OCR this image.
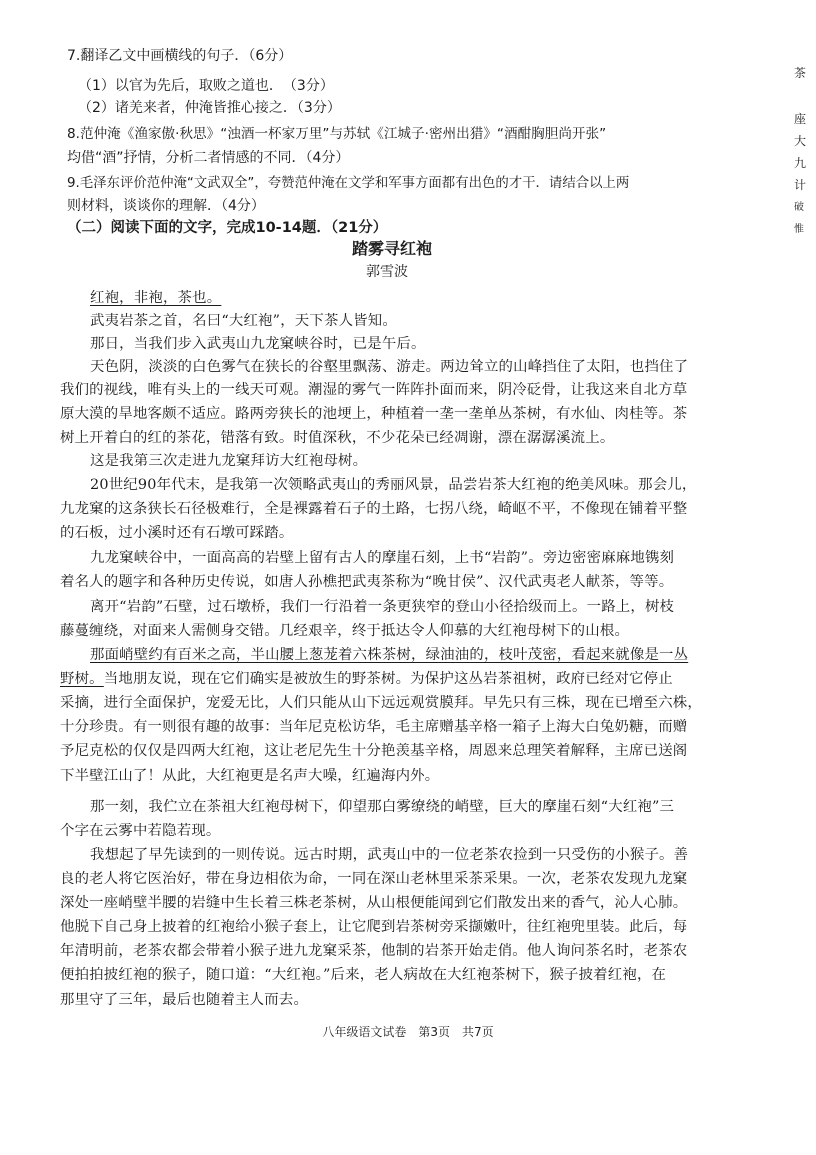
7.翻译乙文中画横线的句子．（6分）
（1）以官为先后，取败之道也．　（3分）
（2）诸羌来者，仲淹皆推心接之．（3分）
8.范仲淹《渔家傲·秋思》“浊酒一杯家万里”与苏轼《江城子·密州出猎》“酒酣胸胆尚开张”
均借“酒”抒情，分析二者情感的不同．（4分）
9.毛泽东评价范仲淹“文武双全”，夸赞范仲淹在文学和军事方面都有出色的才干．请结合以上两
则材料，谈谈你的理解．（4分）
（二）阅读下面的文字，完成10-14题．（21分）
踏雾寻红袍
郭雪波
红袍，非袍，茶也。
武夷岩茶之首，名曰“大红袍”，天下茶人皆知。
那日，当我们步入武夷山九龙窠峡谷时，已是午后。
天色阴，淡淡的白色雾气在狭长的谷壑里飘荡、游走。两边耸立的山峰挡住了太阳，也挡住了
我们的视线，唯有头上的一线天可观。潮湿的雾气一阵阵扑面而来，阴冷砭骨，让我这来自北方草
原大漠的旱地客颇不适应。路两旁狭长的池埂上，种植着一垄一垄单丛茶树，有水仙、肉桂等。茶
树上开着白的红的茶花，错落有致。时值深秋，不少花朵已经凋谢，漂在潺潺溪流上。
这是我第三次走进九龙窠拜访大红袍母树。
20世纪90年代末，是我第一次领略武夷山的秀丽风景，品尝岩茶大红袍的绝美风味。那会儿，
九龙窠的这条狭长石径极难行，全是裸露着石子的土路，七拐八绕，崎岖不平，不像现在铺着平整
的石板，过小溪时还有石墩可踩踏。
九龙窠峡谷中，一面高高的岩壁上留有古人的摩崖石刻，上书“岩韵”。旁边密密麻麻地镌刻
着名人的题字和各种历史传说，如唐人孙樵把武夷茶称为“晚甘侯”、汉代武夷老人献茶，等等。
离开“岩韵”石壁，过石墩桥，我们一行沿着一条更狭窄的登山小径拾级而上。一路上，树枝
藤蔓缠绕，对面来人需侧身交错。几经艰辛，终于抵达令人仰慕的大红袍母树下的山根。
那面峭壁约有百米之高，半山腰上葱茏着六株茶树，绿油油的，枝叶茂密，看起来就像是一丛
野树。当地朋友说，现在它们确实是被放生的野茶树。为保护这丛岩茶祖树，政府已经对它停止
采摘，进行全面保护，宠爱无比，人们只能从山下远远观赏膜拜。早先只有三株，现在已增至六株，
十分珍贵。有一则很有趣的故事：当年尼克松访华，毛主席赠基辛格一箱子上海大白兔奶糖，而赠
予尼克松的仅仅是四两大红袍，这让老尼先生十分艳羡基辛格，周恩来总理笑着解释，主席已送阁
下半壁江山了！从此，大红袍更是名声大噪，红遍海内外。
那一刻，我伫立在茶祖大红袍母树下，仰望那白雾缭绕的峭壁，巨大的摩崖石刻“大红袍”三
个字在云雾中若隐若现。
我想起了早先读到的一则传说。远古时期，武夷山中的一位老茶农捡到一只受伤的小猴子。善
良的老人将它医治好，带在身边相依为命，一同在深山老林里采茶采果。一次，老茶农发现九龙窠
深处一座峭壁半腰的岩缝中生长着三株老茶树，从山根便能闻到它们散发出来的香气，沁人心肺。
他脱下自己身上披着的红袍给小猴子套上，让它爬到岩茶树旁采撷嫩叶，往红袍兜里装。此后，每
年清明前，老茶农都会带着小猴子进九龙窠采茶，他制的岩茶开始走俏。他人询问茶名时，老茶农
便拍拍披红袍的猴子，随口道：“大红袍。”后来，老人病故在大红袍茶树下，猴子披着红袍，在
那里守了三年，最后也随着主人而去。
八年级语文试卷　第3页　共7页
茶
座
大
九
计
破
惟
